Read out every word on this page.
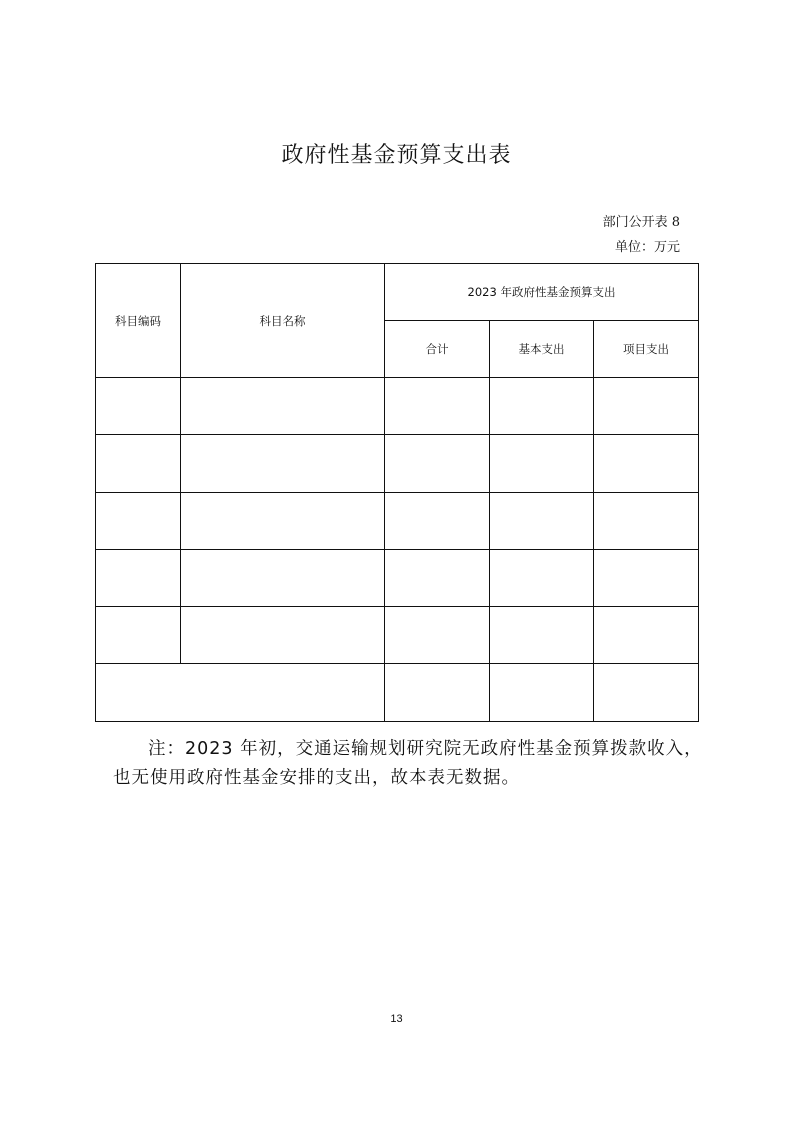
政府性基金预算支出表
部门公开表 8
单位：万元
科目编码	科目名称	2023 年政府性基金预算支出		
		合计	基本支出	项目支出

注：2023 年初，交通运输规划研究院无政府性基金预算拨款收入，也无使用政府性基金安排的支出，故本表无数据。
13
